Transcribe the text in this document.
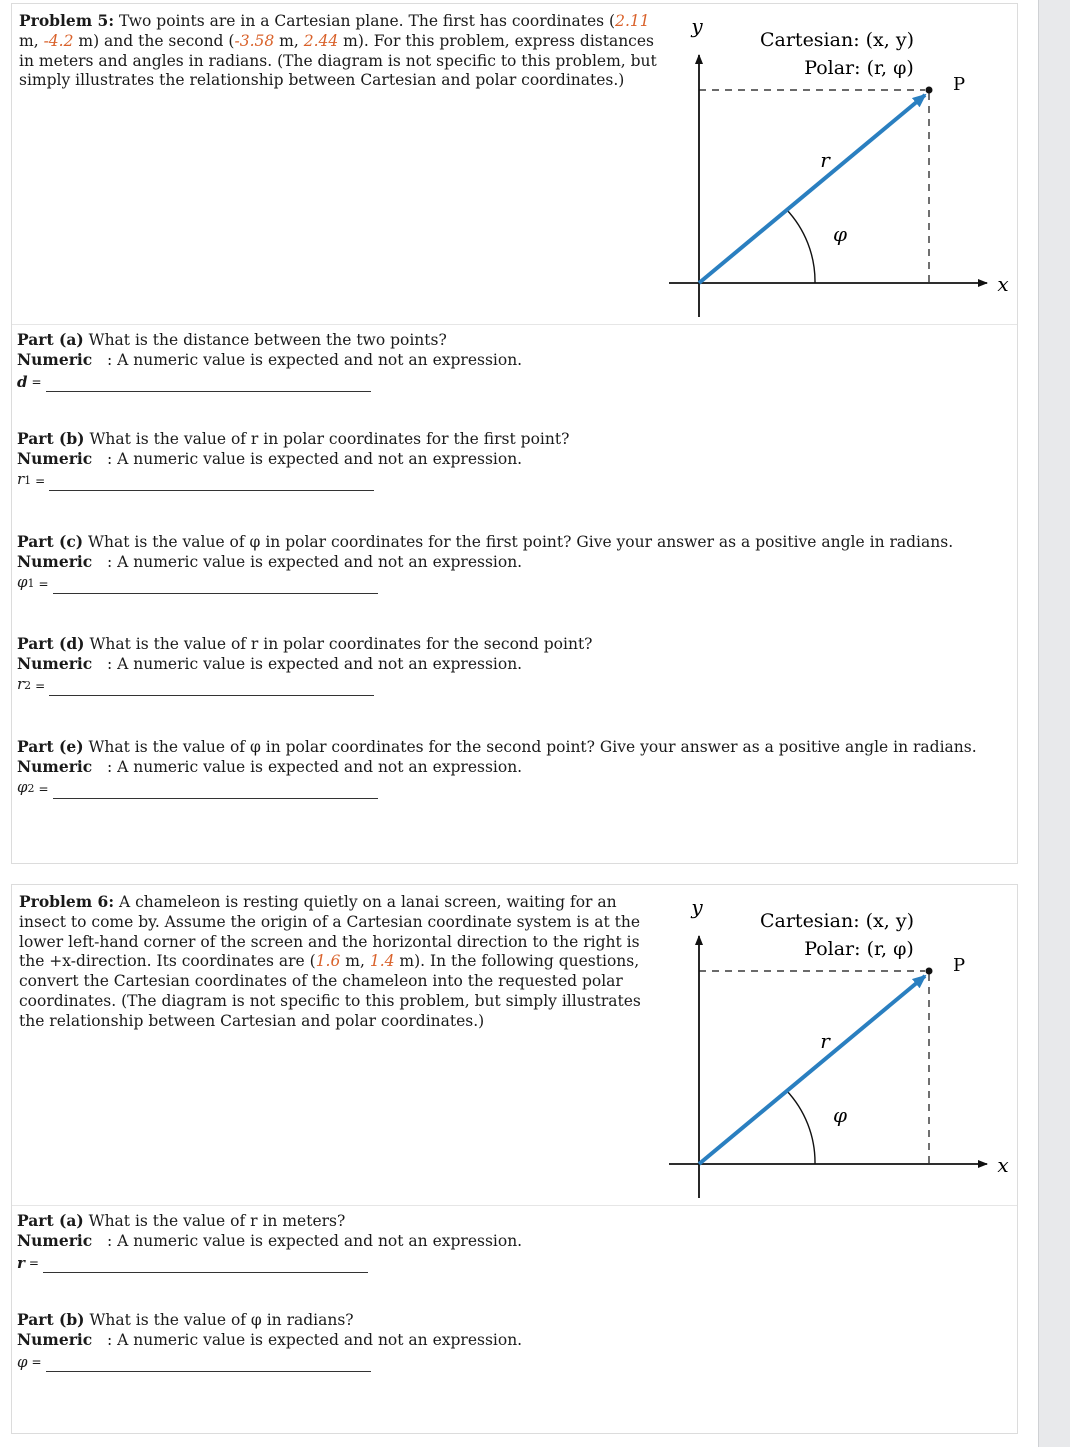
Problem 5: Two points are in a Cartesian plane. The first has coordinates (2.11 m, -4.2 m) and the second (-3.58 m, 2.44 m). For this problem, express distances in meters and angles in radians. (The diagram is not specific to this problem, but simply illustrates the relationship between Cartesian and polar coordinates.)
y
x
Cartesian: (x, y)
Polar: (r, φ)
P
r
φ
Part (a) What is the distance between the two points?
Numeric   : A numeric value is expected and not an expression.
d =
Part (b) What is the value of r in polar coordinates for the first point?
Numeric   : A numeric value is expected and not an expression.
r1 =
Part (c) What is the value of φ in polar coordinates for the first point? Give your answer as a positive angle in radians.
Numeric   : A numeric value is expected and not an expression.
φ1 =
Part (d) What is the value of r in polar coordinates for the second point?
Numeric   : A numeric value is expected and not an expression.
r2 =
Part (e) What is the value of φ in polar coordinates for the second point? Give your answer as a positive angle in radians.
Numeric   : A numeric value is expected and not an expression.
φ2 =
Problem 6: A chameleon is resting quietly on a lanai screen, waiting for an insect to come by. Assume the origin of a Cartesian coordinate system is at the lower left-hand corner of the screen and the horizontal direction to the right is the +x-direction. Its coordinates are (1.6 m, 1.4 m). In the following questions, convert the Cartesian coordinates of the chameleon into the requested polar coordinates. (The diagram is not specific to this problem, but simply illustrates the relationship between Cartesian and polar coordinates.)
y
x
Cartesian: (x, y)
Polar: (r, φ)
P
r
φ
Part (a) What is the value of r in meters?
Numeric   : A numeric value is expected and not an expression.
r =
Part (b) What is the value of φ in radians?
Numeric   : A numeric value is expected and not an expression.
φ =
